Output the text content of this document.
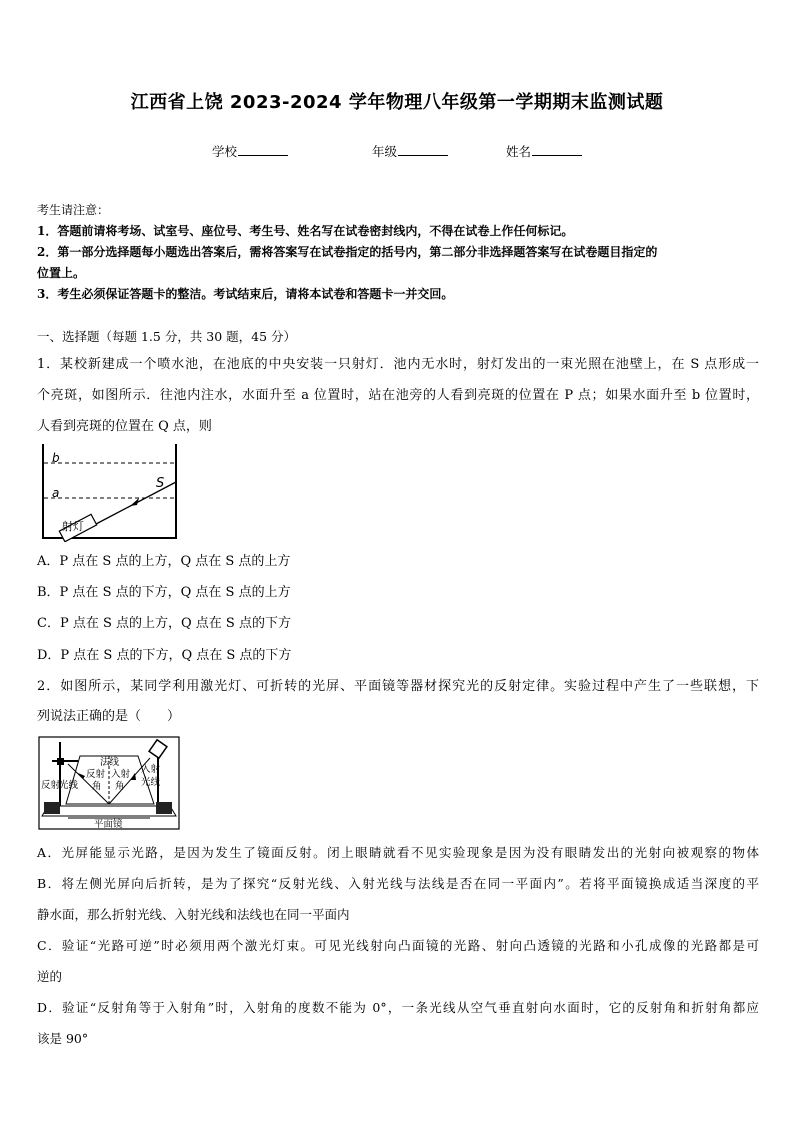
江西省上饶 2023-2024 学年物理八年级第一学期期末监测试题
学校	年级	姓名
考生请注意：
1．答题前请将考场、试室号、座位号、考生号、姓名写在试卷密封线内，不得在试卷上作任何标记。
2．第一部分选择题每小题选出答案后，需将答案写在试卷指定的括号内，第二部分非选择题答案写在试卷题目指定的
位置上。
3．考生必须保证答题卡的整洁。考试结束后，请将本试卷和答题卡一并交回。
一、选择题（每题 1.5 分，共 30 题，45 分）
1．某校新建成一个喷水池，在池底的中央安装一只射灯．池内无水时，射灯发出的一束光照在池壁上，在 S 点形成一
个亮斑，如图所示．往池内注水，水面升至 a 位置时，站在池旁的人看到亮斑的位置在 P 点；如果水面升至 b 位置时，
人看到亮斑的位置在 Q 点，则
b
a
S
射灯
A．P 点在 S 点的上方，Q 点在 S 点的上方
B．P 点在 S 点的下方，Q 点在 S 点的上方
C．P 点在 S 点的上方，Q 点在 S 点的下方
D．P 点在 S 点的下方，Q 点在 S 点的下方
2．如图所示，某同学利用激光灯、可折转的光屏、平面镜等器材探究光的反射定律。实验过程中产生了一些联想，下
列说法正确的是（　　）
法线
反射
角
入射
角
反射
光线
入射
光线
平面镜
A．光屏能显示光路，是因为发生了镜面反射。闭上眼睛就看不见实验现象是因为没有眼睛发出的光射向被观察的物体
B．将左侧光屏向后折转，是为了探究“反射光线、入射光线与法线是否在同一平面内”。若将平面镜换成适当深度的平
静水面，那么折射光线、入射光线和法线也在同一平面内
C．验证“光路可逆”时必须用两个激光灯束。可见光线射向凸面镜的光路、射向凸透镜的光路和小孔成像的光路都是可
逆的
D．验证“反射角等于入射角”时，入射角的度数不能为 0°，一条光线从空气垂直射向水面时，它的反射角和折射角都应
该是 90°
